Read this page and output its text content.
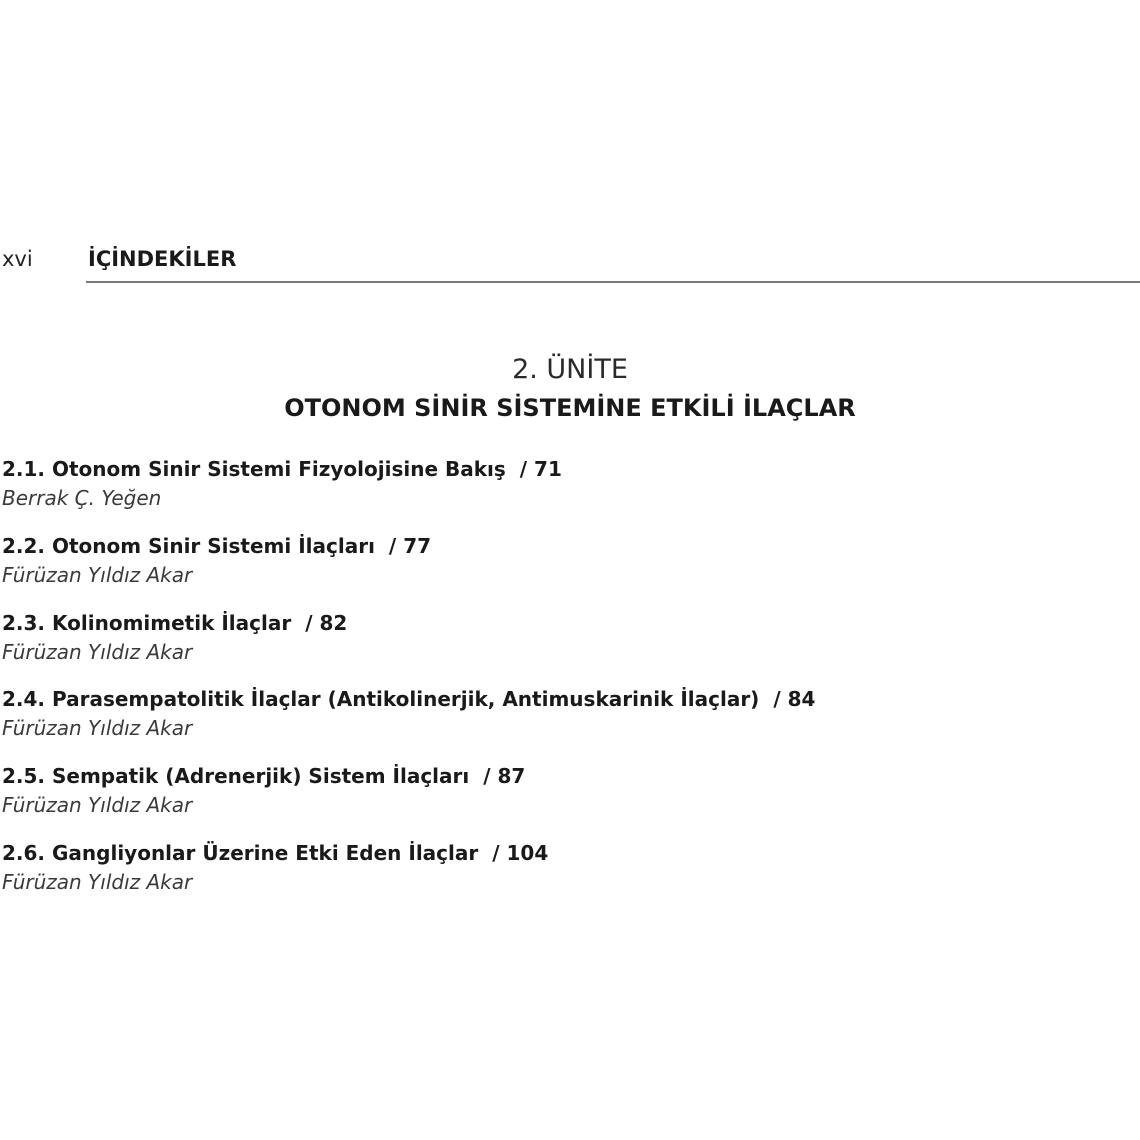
xvi	İÇİNDEKİLER
2. ÜNİTE
OTONOM SİNİR SİSTEMİNE ETKİLİ İLAÇLAR
2.1. Otonom Sinir Sistemi Fizyolojisine Bakış / 71
Berrak Ç. Yeğen
2.2. Otonom Sinir Sistemi İlaçları / 77
Fürüzan Yıldız Akar
2.3. Kolinomimetik İlaçlar / 82
Fürüzan Yıldız Akar
2.4. Parasempatolitik İlaçlar (Antikolinerjik, Antimuskarinik İlaçlar) / 84
Fürüzan Yıldız Akar
2.5. Sempatik (Adrenerjik) Sistem İlaçları / 87
Fürüzan Yıldız Akar
2.6. Gangliyonlar Üzerine Etki Eden İlaçlar / 104
Fürüzan Yıldız Akar
